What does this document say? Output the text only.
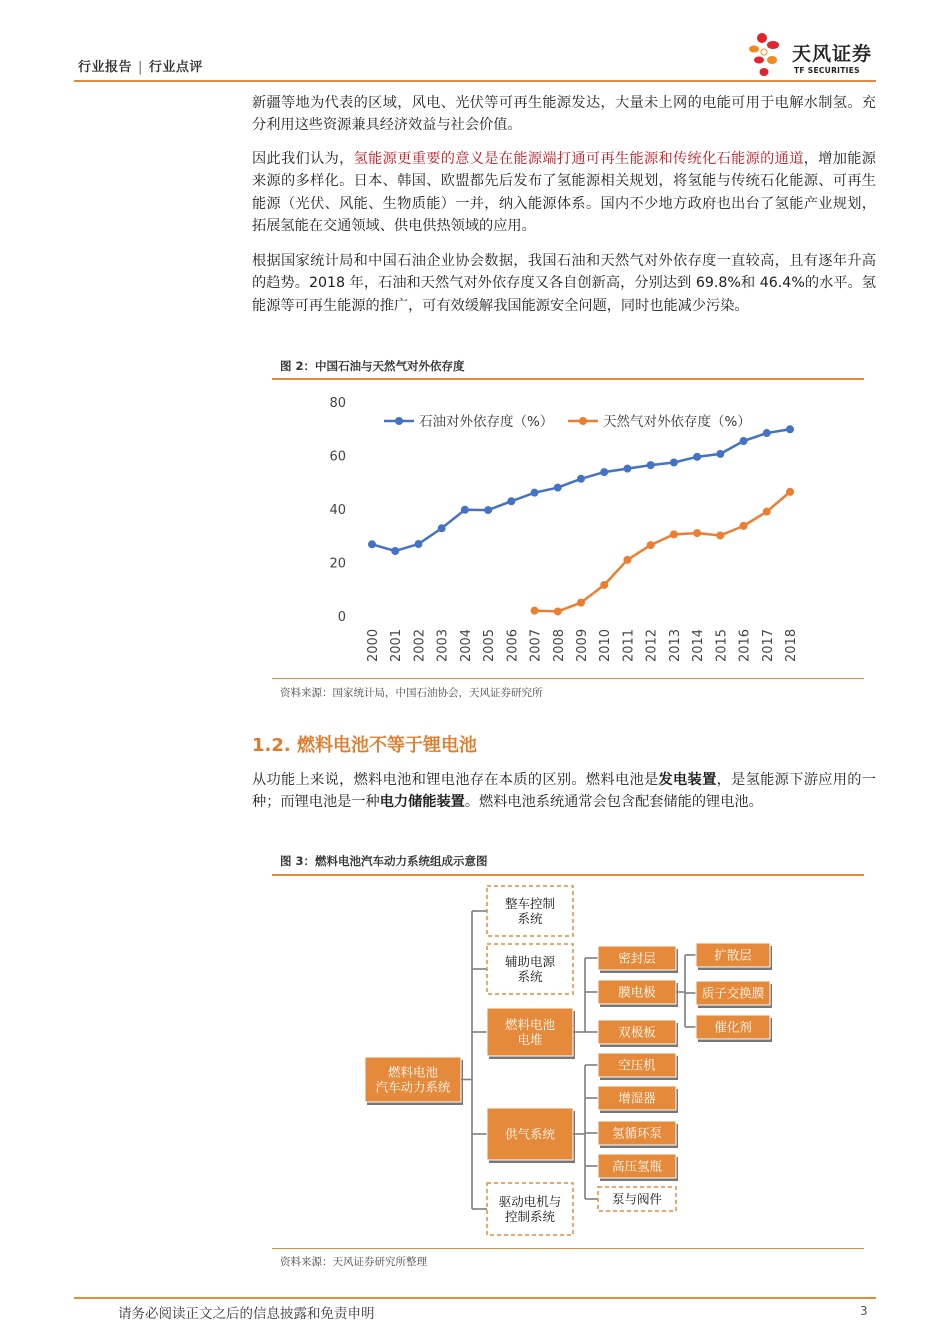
行业报告 | 行业点评
天风证券
TF SECURITIES

新疆等地为代表的区域，风电、光伏等可再生能源发达，大量未上网的电能可用于电解水制氢。充分利用这些资源兼具经济效益与社会价值。

因此我们认为，氢能源更重要的意义是在能源端打通可再生能源和传统化石能源的通道，增加能源来源的多样化。日本、韩国、欧盟都先后发布了氢能源相关规划，将氢能与传统石化能源、可再生能源（光伏、风能、生物质能）一并，纳入能源体系。国内不少地方政府也出台了氢能产业规划，拓展氢能在交通领域、供电供热领域的应用。

根据国家统计局和中国石油企业协会数据，我国石油和天然气对外依存度一直较高，且有逐年升高的趋势。2018 年，石油和天然气对外依存度又各自创新高，分别达到 69.8%和 46.4%的水平。氢能源等可再生能源的推广，可有效缓解我国能源安全问题，同时也能减少污染。

图 2：中国石油与天然气对外依存度
0
20
40
60
80
2000 2001 2002 2003 2004 2005 2006 2007 2008 2009 2010 2011 2012 2013 2014 2015 2016 2017 2018
石油对外依存度（%）	天然气对外依存度（%）
资料来源：国家统计局，中国石油协会，天风证券研究所
1.2. 燃料电池不等于锂电池

从功能上来说，燃料电池和锂电池存在本质的区别。燃料电池是发电装置，是氢能源下游应用的一种；而锂电池是一种电力储能装置。燃料电池系统通常会包含配套储能的锂电池。

图 3：燃料电池汽车动力系统组成示意图
燃料电池
汽车动力系统
整车控制
系统
辅助电源
系统
燃料电池
电堆
供气系统
驱动电机与
控制系统
密封层
膜电极
双极板
扩散层
质子交换膜
催化剂
空压机
增湿器
氢循环泵
高压氢瓶
泵与阀件
资料来源：天风证券研究所整理
请务必阅读正文之后的信息披露和免责申明	3
